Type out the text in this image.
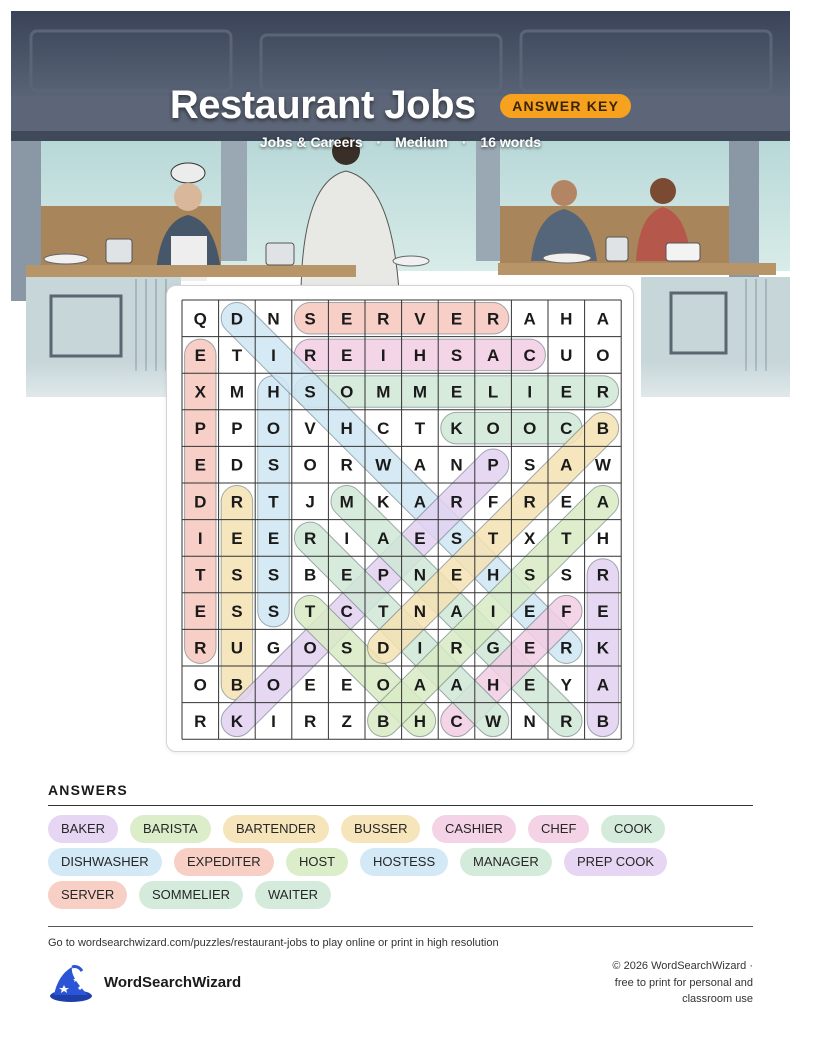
Restaurant Jobs	ANSWER KEY
Jobs & Careers · Medium · 16 words
Q D N S E R V E R A H A
E T I R E I H S A C U O
X M H S O M M E L I E R
P P O V H C T K O O C B
E D S O R W A N P S A W
D R T J M K A R F R E A
I E E R I A E S T X T H
T S S B E P N E H S S R
E S S T C T N A I E F E
R U G O S D I R G E R K
O B O E E O A A H E Y A
R K I R Z B H C W N R B
ANSWERS
BAKER	BARISTA	BARTENDER	BUSSER	CASHIER	CHEF	COOK
DISHWASHER	EXPEDITER	HOST	HOSTESS	MANAGER	PREP COOK
SERVER	SOMMELIER	WAITER
Go to wordsearchwizard.com/puzzles/restaurant-jobs to play online or print in high resolution
WordSearchWizard
© 2026 WordSearchWizard ·
free to print for personal and
classroom use
